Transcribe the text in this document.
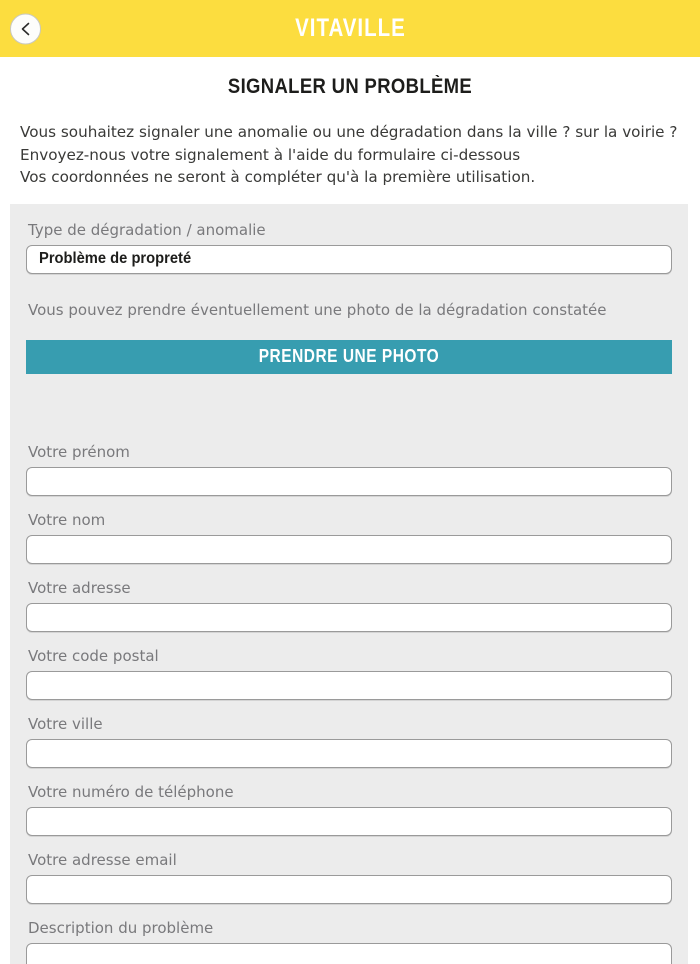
VITAVILLE
SIGNALER UN PROBLÈME
Vous souhaitez signaler une anomalie ou une dégradation dans la ville ? sur la voirie ?
Envoyez-nous votre signalement à l'aide du formulaire ci-dessous
Vos coordonnées ne seront à compléter qu'à la première utilisation.
Type de dégradation / anomalie
Problème de propreté
Vous pouvez prendre éventuellement une photo de la dégradation constatée
PRENDRE UNE PHOTO
Votre prénom
Votre nom
Votre adresse
Votre code postal
Votre ville
Votre numéro de téléphone
Votre adresse email
Description du problème
